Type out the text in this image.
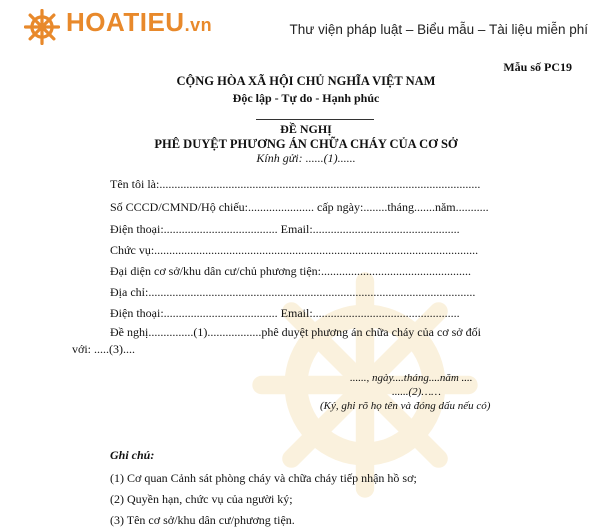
HOATIEU.vn	Thư viện pháp luật – Biểu mẫu – Tài liệu miễn phí
Mẫu số PC19
CỘNG HÒA XÃ HỘI CHỦ NGHĨA VIỆT NAM
Độc lập - Tự do - Hạnh phúc
ĐỀ NGHỊ
PHÊ DUYỆT PHƯƠNG ÁN CHỮA CHÁY CỦA CƠ SỞ
Kính gửi: ......(1)......
Tên tôi là:...........................................................................................................
Số CCCD/CMND/Hộ chiếu:...................... cấp ngày:........tháng.......năm...........
Điện thoại:...................................... Email:.................................................
Chức vụ:............................................................................................................
Đại diện cơ sở/khu dân cư/chủ phương tiện:..................................................
Địa chỉ:.............................................................................................................
Điện thoại:...................................... Email:.................................................
Đề nghị...............(1)..................phê duyệt phương án chữa cháy của cơ sở đối
với: .....(3)....
......, ngày....tháng....năm ....
......(2)……
(Ký, ghi rõ họ tên và đóng dấu nếu có)
Ghi chú:
(1) Cơ quan Cảnh sát phòng cháy và chữa cháy tiếp nhận hồ sơ;
(2) Quyền hạn, chức vụ của người ký;
(3) Tên cơ sở/khu dân cư/phương tiện.
